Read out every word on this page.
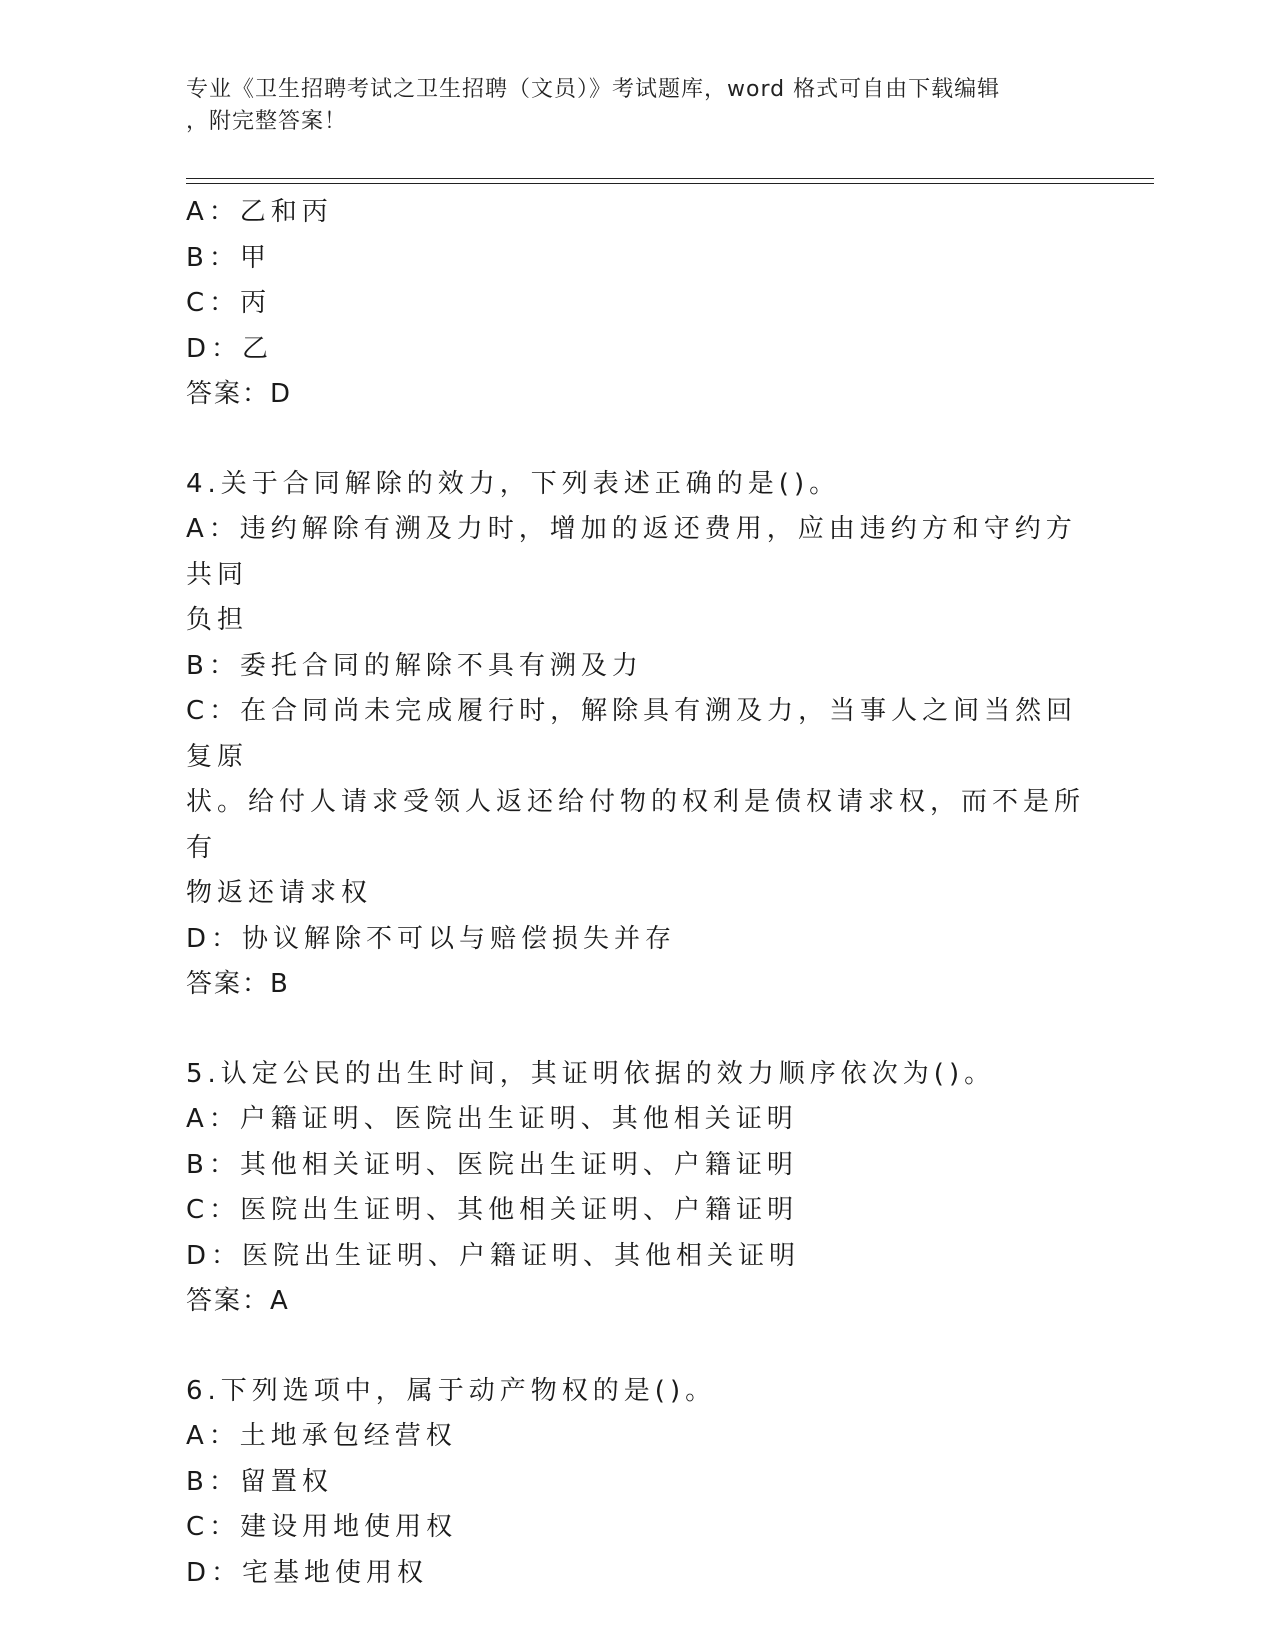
专业《卫生招聘考试之卫生招聘（文员）》考试题库，word 格式可自由下载编辑
，附完整答案！
A：乙和丙
B：甲
C：丙
D：乙
答案：D
4.关于合同解除的效力，下列表述正确的是()。
A：违约解除有溯及力时，增加的返还费用，应由违约方和守约方共同
负担
B：委托合同的解除不具有溯及力
C：在合同尚未完成履行时，解除具有溯及力，当事人之间当然回复原
状。给付人请求受领人返还给付物的权利是债权请求权，而不是所有
物返还请求权
D：协议解除不可以与赔偿损失并存
答案：B
5.认定公民的出生时间，其证明依据的效力顺序依次为()。
A：户籍证明、医院出生证明、其他相关证明
B：其他相关证明、医院出生证明、户籍证明
C：医院出生证明、其他相关证明、户籍证明
D：医院出生证明、户籍证明、其他相关证明
答案：A
6.下列选项中，属于动产物权的是()。
A：土地承包经营权
B：留置权
C：建设用地使用权
D：宅基地使用权
